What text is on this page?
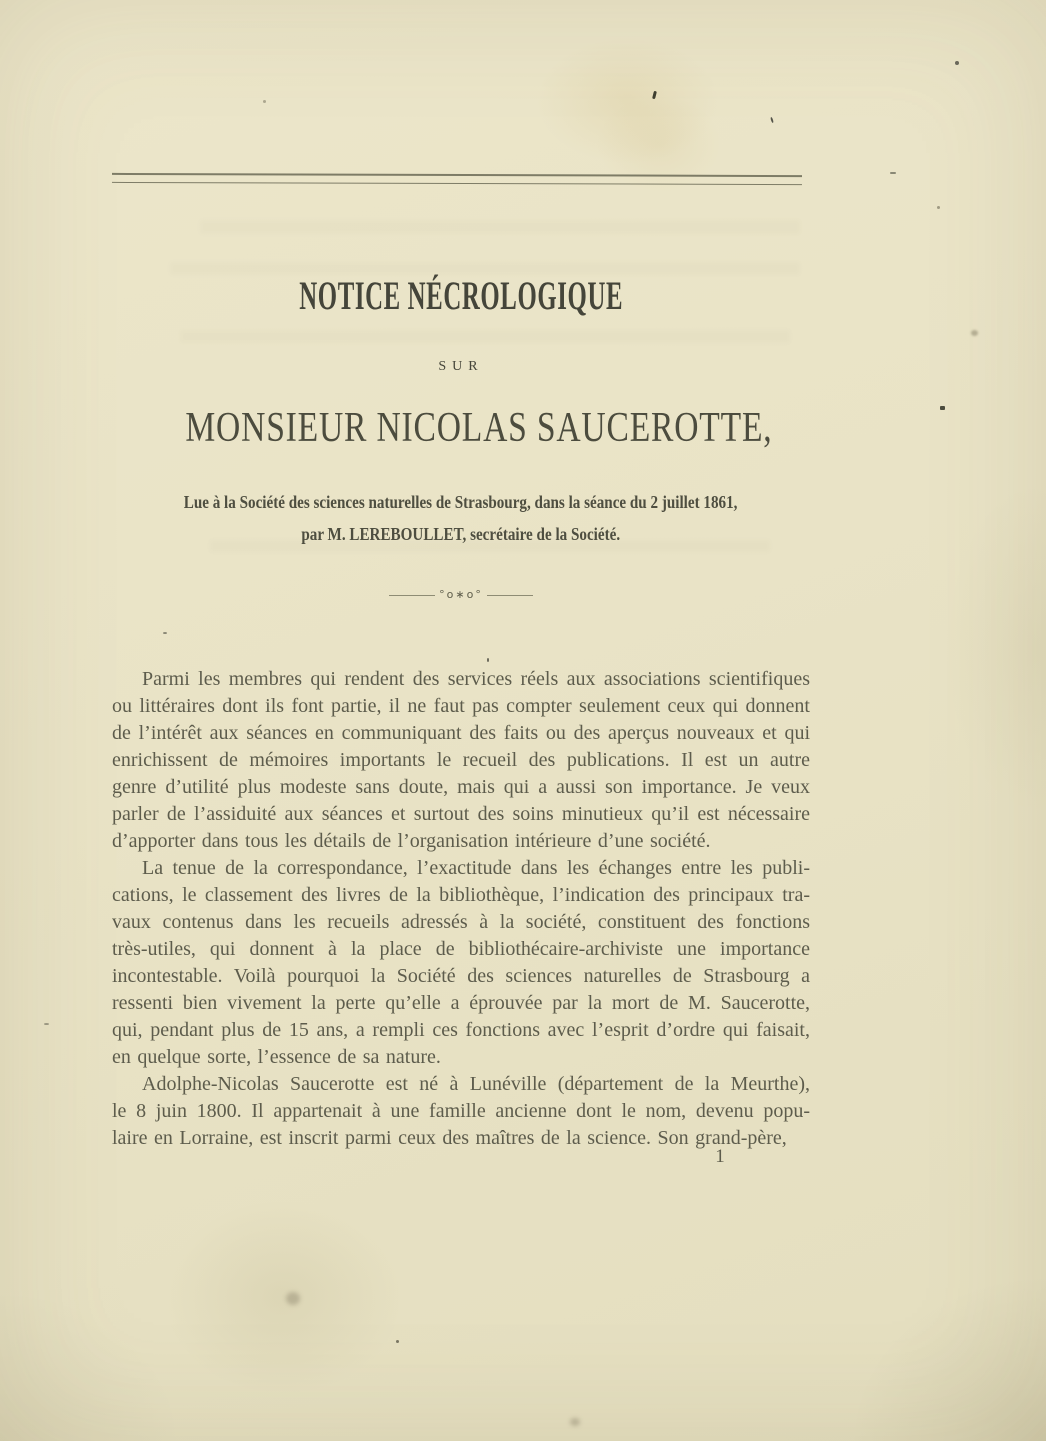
NOTICE NÉCROLOGIQUE
SUR
MONSIEUR NICOLAS SAUCEROTTE,
Lue à la Société des sciences naturelles de Strasbourg, dans la séance du 2 juillet 1861,
par M. LEREBOULLET, secrétaire de la Société.
°o∗o°
Parmi les membres qui rendent des services réels aux associations scientifiques
ou littéraires dont ils font partie, il ne faut pas compter seulement ceux qui donnent
de l’intérêt aux séances en communiquant des faits ou des aperçus nouveaux et qui
enrichissent de mémoires importants le recueil des publications. Il est un autre
genre d’utilité plus modeste sans doute, mais qui a aussi son importance. Je veux
parler de l’assiduité aux séances et surtout des soins minutieux qu’il est nécessaire
d’apporter dans tous les détails de l’organisation intérieure d’une société.
La tenue de la correspondance, l’exactitude dans les échanges entre les publi-
cations, le classement des livres de la bibliothèque, l’indication des principaux tra-
vaux contenus dans les recueils adressés à la société, constituent des fonctions
très-utiles, qui donnent à la place de bibliothécaire-archiviste une importance
incontestable. Voilà pourquoi la Société des sciences naturelles de Strasbourg a
ressenti bien vivement la perte qu’elle a éprouvée par la mort de M. Saucerotte,
qui, pendant plus de 15 ans, a rempli ces fonctions avec l’esprit d’ordre qui faisait,
en quelque sorte, l’essence de sa nature.
Adolphe-Nicolas Saucerotte est né à Lunéville (département de la Meurthe),
le 8 juin 1800. Il appartenait à une famille ancienne dont le nom, devenu popu-
laire en Lorraine, est inscrit parmi ceux des maîtres de la science. Son grand-père,
1
